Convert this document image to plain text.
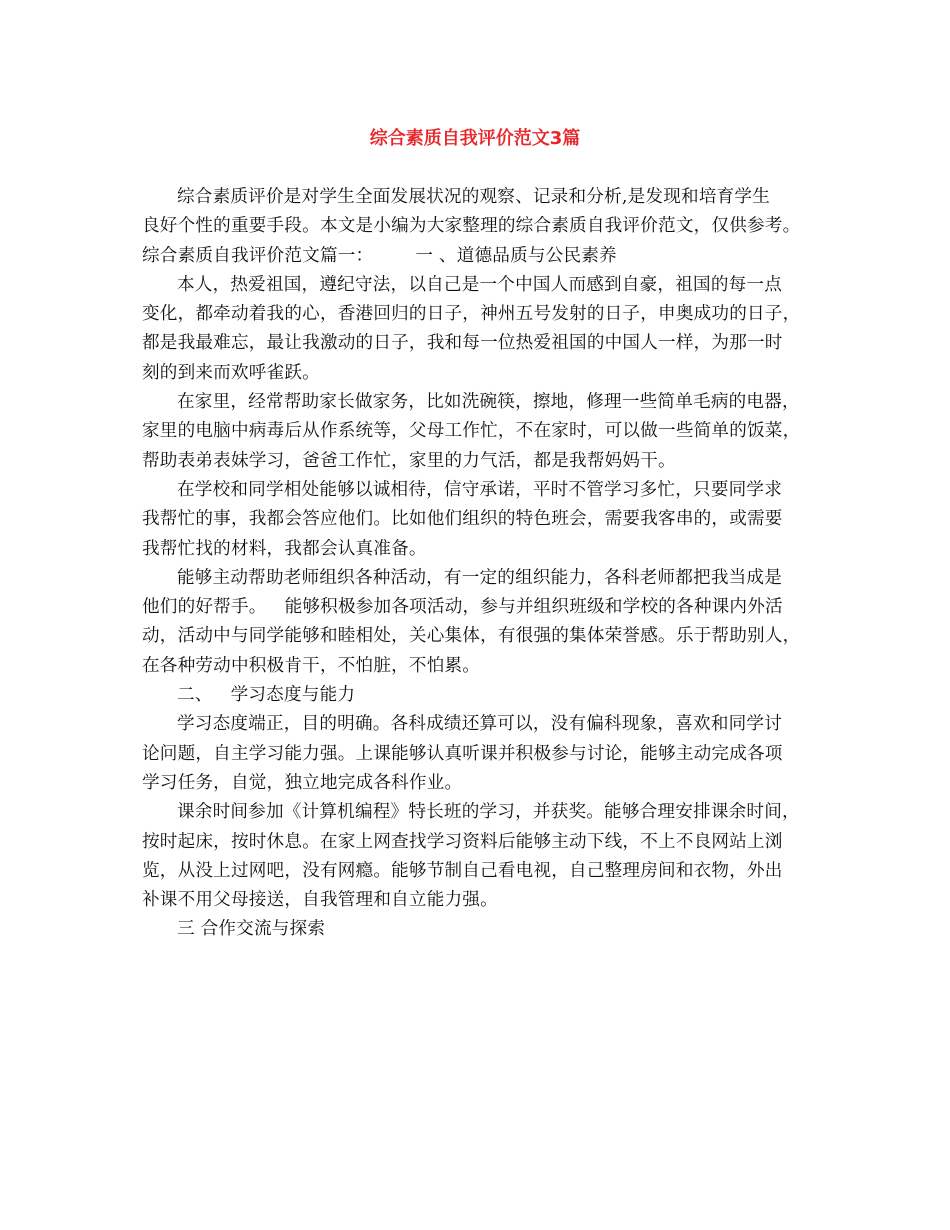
综合素质自我评价范文3篇
综合素质评价是对学生全面发展状况的观察、记录和分析,是发现和培育学生
良好个性的重要手段。本文是小编为大家整理的综合素质自我评价范文，仅供参考。
综合素质自我评价范文篇一： 一 、道德品质与公民素养
本人，热爱祖国，遵纪守法，以自己是一个中国人而感到自豪，祖国的每一点
变化，都牵动着我的心，香港回归的日子，神州五号发射的日子，申奥成功的日子，
都是我最难忘，最让我激动的日子，我和每一位热爱祖国的中国人一样，为那一时
刻的到来而欢呼雀跃。
在家里，经常帮助家长做家务，比如洗碗筷，擦地，修理一些简单毛病的电器，
家里的电脑中病毒后从作系统等，父母工作忙，不在家时，可以做一些简单的饭菜，
帮助表弟表妹学习，爸爸工作忙，家里的力气活，都是我帮妈妈干。
在学校和同学相处能够以诚相待，信守承诺，平时不管学习多忙，只要同学求
我帮忙的事，我都会答应他们。比如他们组织的特色班会，需要我客串的，或需要
我帮忙找的材料，我都会认真准备。
能够主动帮助老师组织各种活动，有一定的组织能力，各科老师都把我当成是
他们的好帮手。 能够积极参加各项活动，参与并组织班级和学校的各种课内外活
动，活动中与同学能够和睦相处，关心集体，有很强的集体荣誉感。乐于帮助别人，
在各种劳动中积极肯干，不怕脏，不怕累。
二、 学习态度与能力
学习态度端正，目的明确。各科成绩还算可以，没有偏科现象，喜欢和同学讨
论问题，自主学习能力强。上课能够认真听课并积极参与讨论，能够主动完成各项
学习任务，自觉，独立地完成各科作业。
课余时间参加《计算机编程》特长班的学习，并获奖。能够合理安排课余时间，
按时起床，按时休息。在家上网查找学习资料后能够主动下线，不上不良网站上浏
览，从没上过网吧，没有网瘾。能够节制自己看电视，自己整理房间和衣物，外出
补课不用父母接送，自我管理和自立能力强。
三 合作交流与探索
